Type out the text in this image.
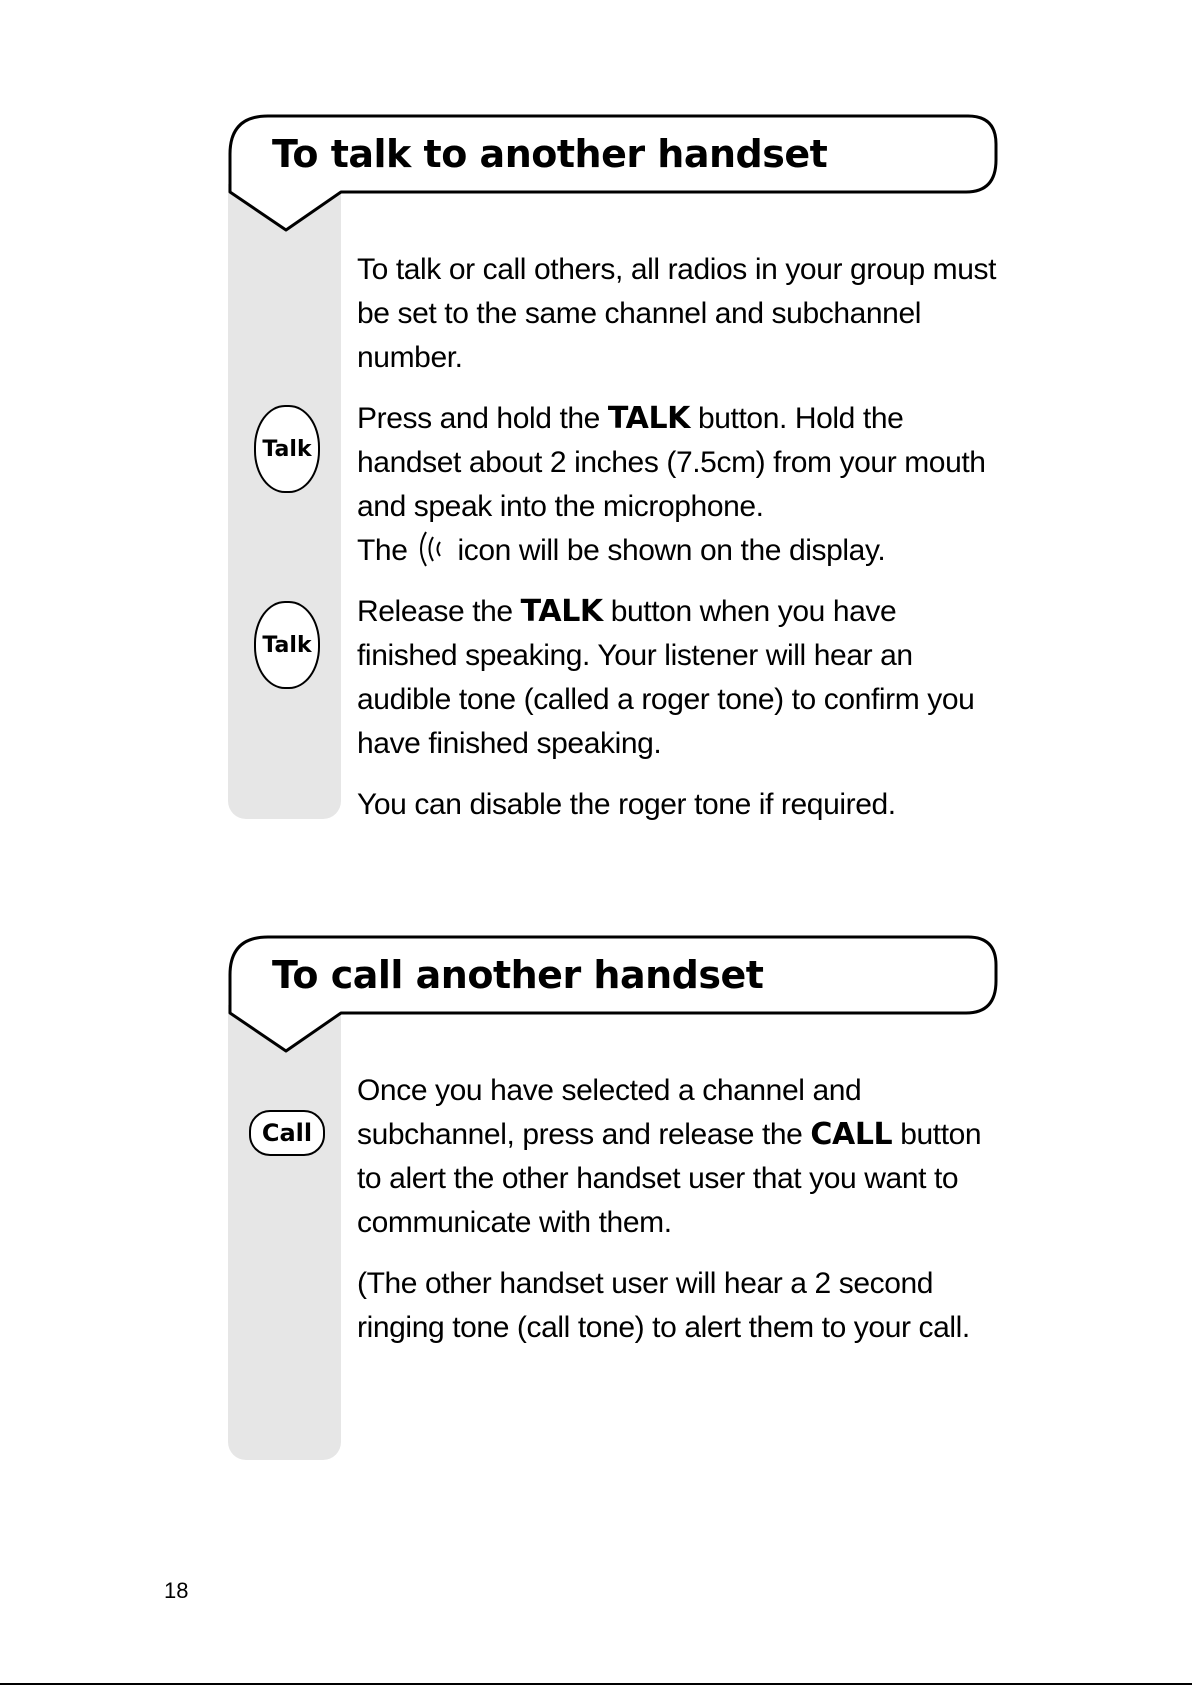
To talk to another handset
Talk
Talk

To talk or call others, all radios in your group must be set to the same channel and subchannel number.

Press and hold the TALK button. Hold the handset about 2 inches (7.5cm) from your mouth and speak into the microphone.
The icon will be shown on the display.

Release the TALK button when you have finished speaking. Your listener will hear an audible tone (called a roger tone) to confirm you have finished speaking.

You can disable the roger tone if required.

To call another handset
Call

Once you have selected a channel and subchannel, press and release the CALL button to alert the other handset user that you want to communicate with them.

(The other handset user will hear a 2 second ringing tone (call tone) to alert them to your call.

18
